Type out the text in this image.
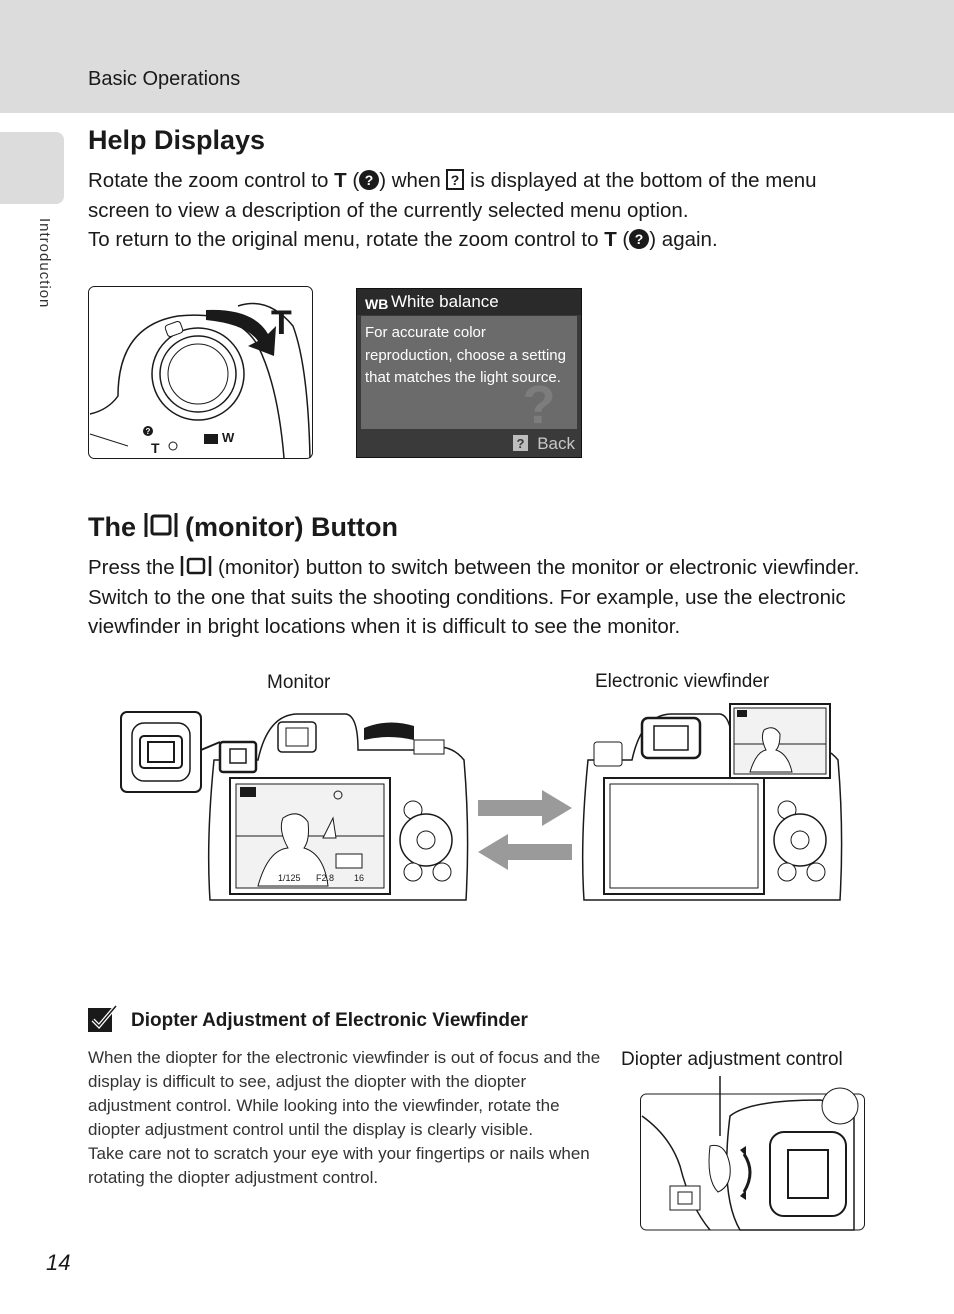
Basic Operations
Introduction
Help Displays

Rotate the zoom control to T ( ? ) when ? is displayed at the bottom of the menu screen to view a description of the currently selected menu option.
To return to the original menu, rotate the zoom control to T ( ? ) again.

T
?
T
W
?
?
WB White balance
For accurate color reproduction, choose a setting that matches the light source.
Back
The  (monitor) Button

Press the  (monitor) button to switch between the monitor or electronic viewfinder. Switch to the one that suits the shooting conditions. For example, use the electronic viewfinder in bright locations when it is difficult to see the monitor.

Monitor	Electronic viewfinder
1/125 F2.8 16
Diopter Adjustment of Electronic Viewfinder

When the diopter for the electronic viewfinder is out of focus and the display is difficult to see, adjust the diopter with the diopter adjustment control. While looking into the viewfinder, rotate the diopter adjustment control until the display is clearly visible.
Take care not to scratch your eye with your fingertips or nails when rotating the diopter adjustment control.

Diopter adjustment control
14
